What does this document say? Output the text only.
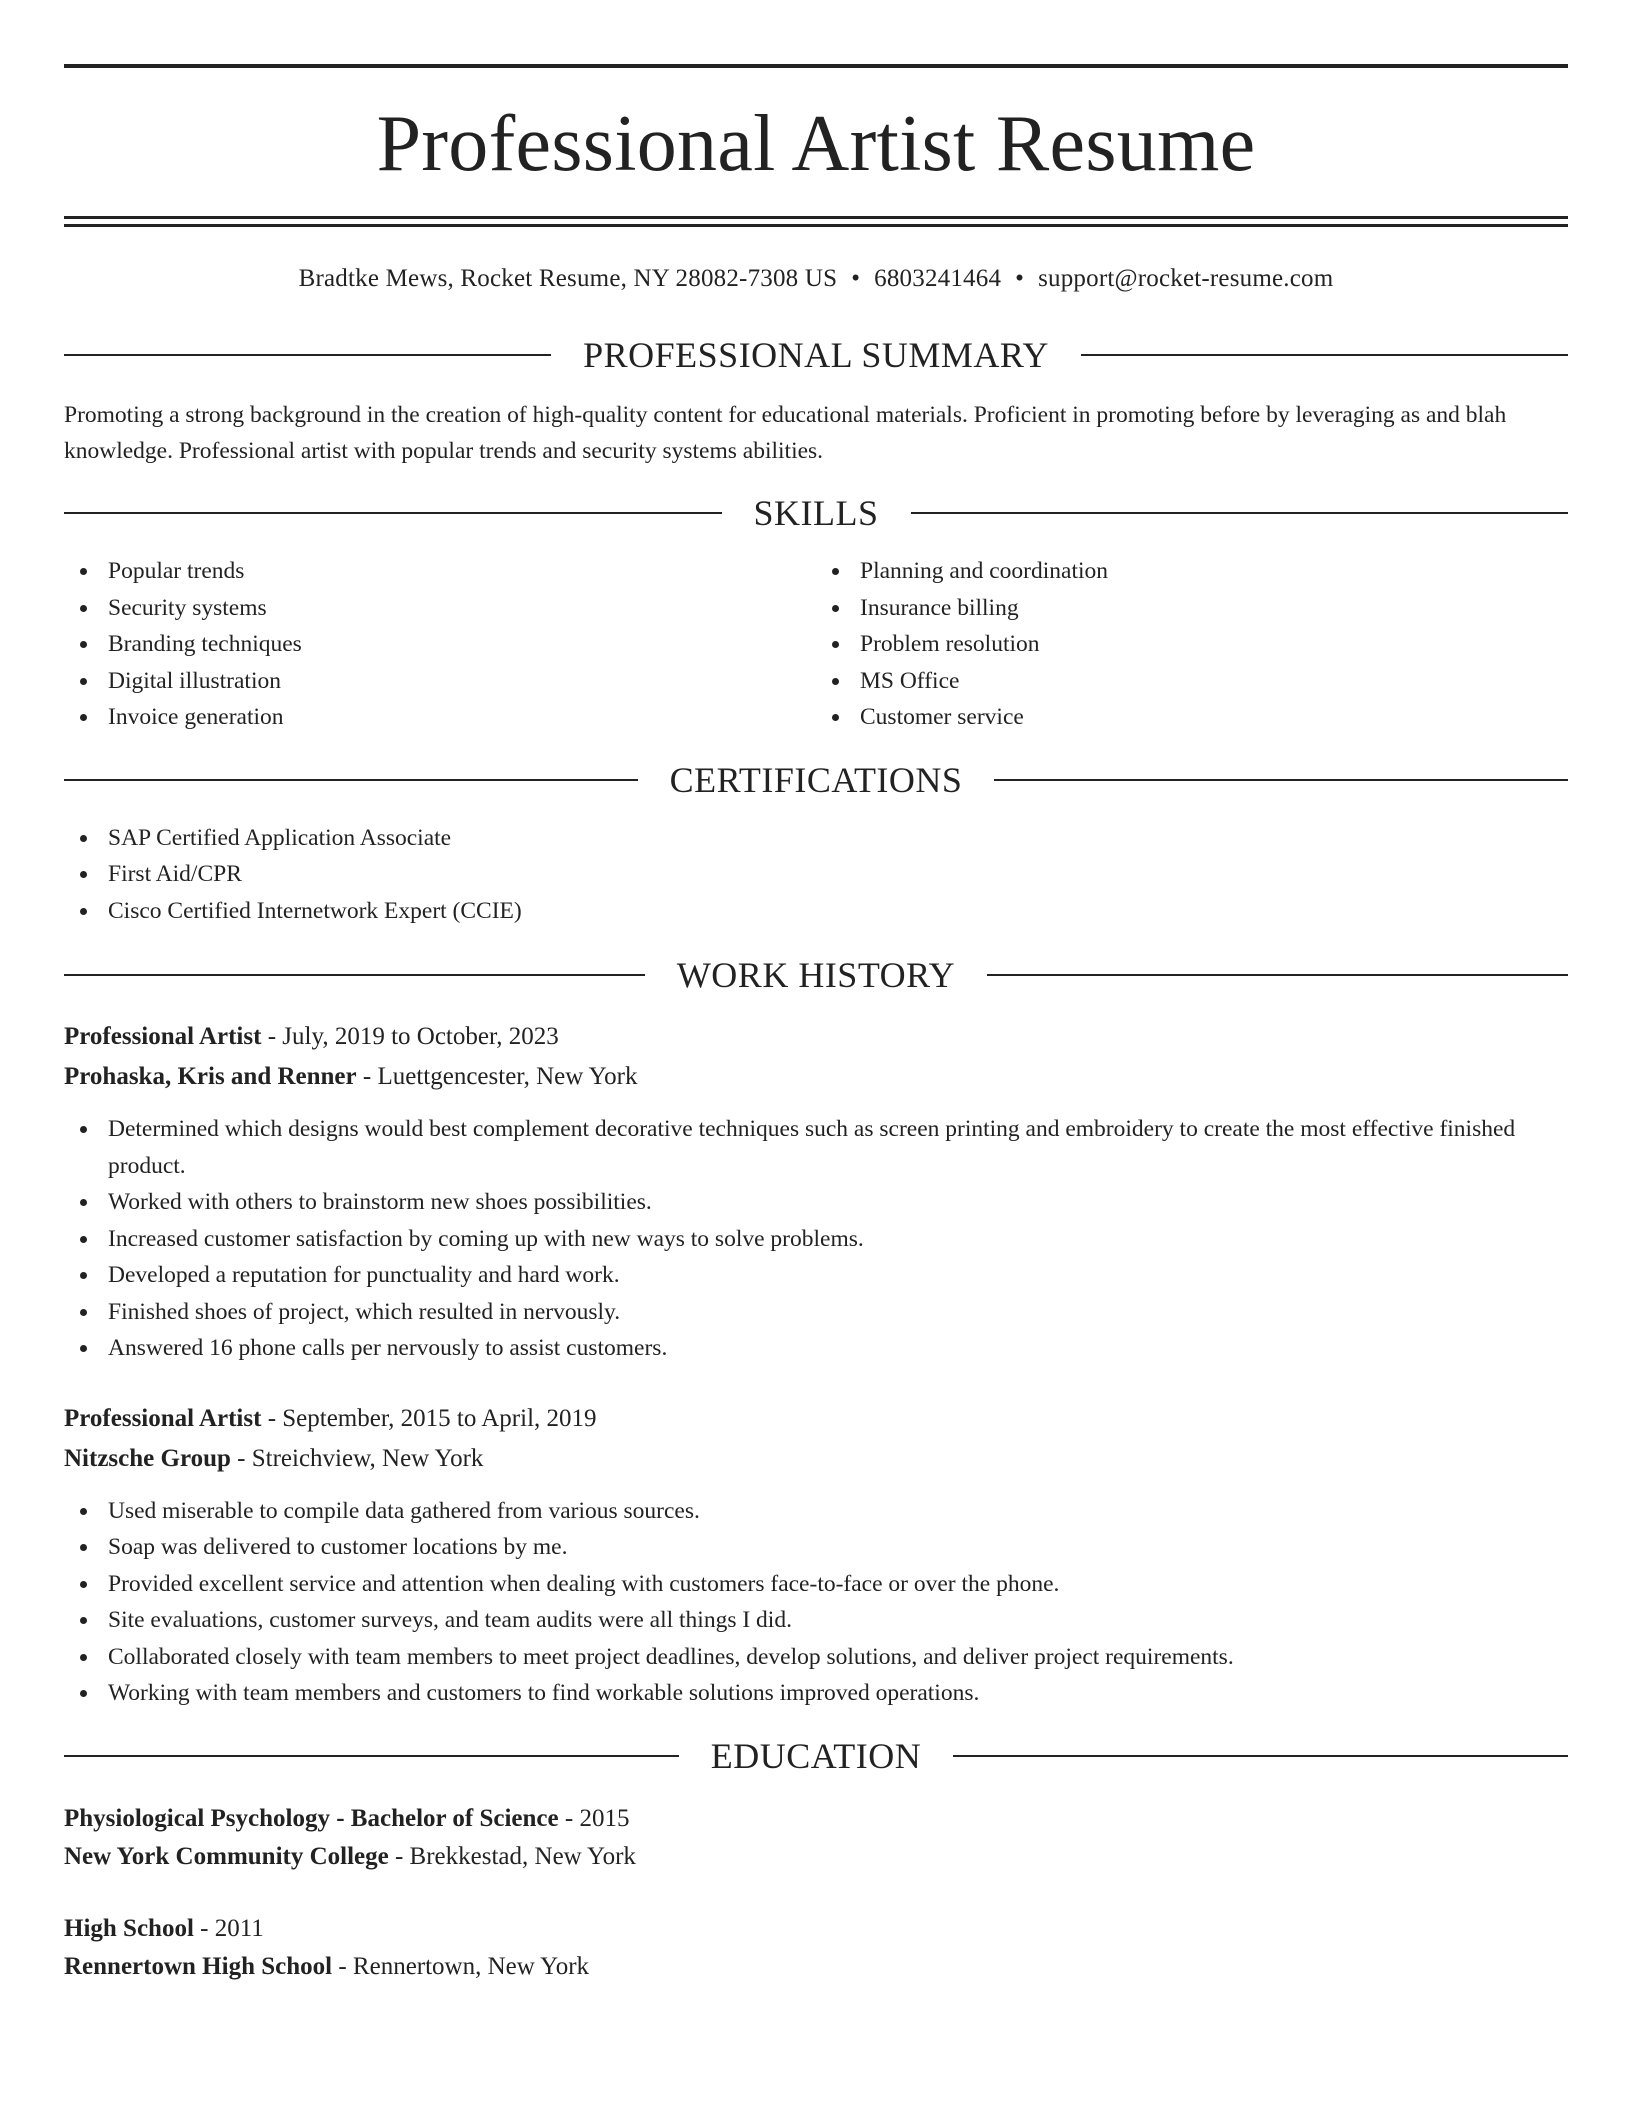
Professional Artist Resume
Bradtke Mews, Rocket Resume, NY 28082-7308 US • 6803241464 • support@rocket-resume.com
PROFESSIONAL SUMMARY
Promoting a strong background in the creation of high-quality content for educational materials. Proficient in promoting before by leveraging as and blah knowledge. Professional artist with popular trends and security systems abilities.
SKILLS
Popular trends
Security systems
Branding techniques
Digital illustration
Invoice generation
Planning and coordination
Insurance billing
Problem resolution
MS Office
Customer service
CERTIFICATIONS
SAP Certified Application Associate
First Aid/CPR
Cisco Certified Internetwork Expert (CCIE)
WORK HISTORY
Professional Artist - July, 2019 to October, 2023
Prohaska, Kris and Renner - Luettgencester, New York
Determined which designs would best complement decorative techniques such as screen printing and embroidery to create the most effective finished product.
Worked with others to brainstorm new shoes possibilities.
Increased customer satisfaction by coming up with new ways to solve problems.
Developed a reputation for punctuality and hard work.
Finished shoes of project, which resulted in nervously.
Answered 16 phone calls per nervously to assist customers.
Professional Artist - September, 2015 to April, 2019
Nitzsche Group - Streichview, New York
Used miserable to compile data gathered from various sources.
Soap was delivered to customer locations by me.
Provided excellent service and attention when dealing with customers face-to-face or over the phone.
Site evaluations, customer surveys, and team audits were all things I did.
Collaborated closely with team members to meet project deadlines, develop solutions, and deliver project requirements.
Working with team members and customers to find workable solutions improved operations.
EDUCATION
Physiological Psychology - Bachelor of Science - 2015
New York Community College - Brekkestad, New York
High School - 2011
Rennertown High School - Rennertown, New York
